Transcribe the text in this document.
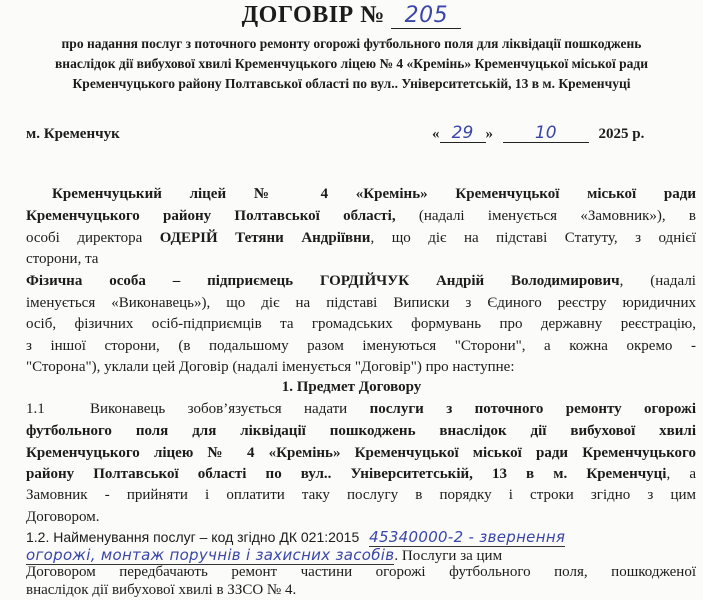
ДОГОВІР № 205
про надання послуг з поточного ремонту огорожі футбольного поля для ліквідації пошкоджень
внаслідок дії вибухової хвилі Кременчуцького ліцею № 4 «Кремінь» Кременчуцької міської ради
Кременчуцького району Полтавської області по вул.. Університетській, 13 в м. Кременчуці
м. Кременчук	« 29 » 10	2025 р.
Кременчуцький ліцей № 4 «Кремінь» Кременчуцької міської ради
Кременчуцького району Полтавської області, (надалі іменується «Замовник»), в
особі директора ОДЕРІЙ Тетяни Андріївни, що діє на підставі Статуту, з однієї
сторони, та
Фізична особа – підприємець ГОРДІЙЧУК Андрій Володимирович, (надалі
іменується «Виконавець»), що діє на підставі Виписки з Єдиного реєстру юридичних
осіб, фізичних осіб-підприємців та громадських формувань про державну реєстрацію,
з іншої сторони, (в подальшому разом іменуються "Сторони", а кожна окремо -
"Сторона"), уклали цей Договір (надалі іменується "Договір") про наступне:
1. Предмет Договору
1.1	Виконавець зобов’язується надати послуги з поточного ремонту огорожі
футбольного поля для ліквідації пошкоджень внаслідок дії вибухової хвилі
Кременчуцького ліцею № 4 «Кремінь» Кременчуцької міської ради Кременчуцького
району Полтавської області по вул.. Університетській, 13 в м. Кременчуці, а
Замовник - прийняти і оплатити таку послугу в порядку і строки згідно з цим
Договором.
1.2. Найменування послуг – код згідно ДК 021:2015 45340000-2 - звернення
огорожі, монтаж поручнів і захисних засобів. Послуги за цим
Договором передбачають ремонт частини огорожі футбольного поля, пошкодженої
внаслідок дії вибухової хвилі в ЗЗСО № 4.
